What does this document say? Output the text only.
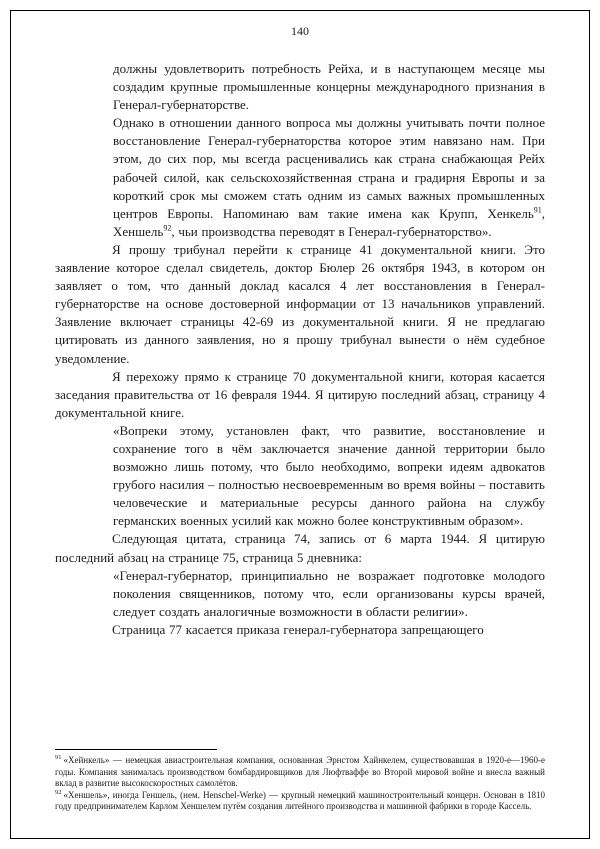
140

должны удовлетворить потребность Рейха, и в наступающем месяце мы создадим крупные промышленные концерны международного признания в Генерал-губернаторстве.

Однако в отношении данного вопроса мы должны учитывать почти полное восстановление Генерал-губернаторства которое этим навязано нам. При этом, до сих пор, мы всегда расценивались как страна снабжающая Рейх рабочей силой, как сельскохозяйственная страна и градирня Европы и за короткий срок мы сможем стать одним из самых важных промышленных центров Европы. Напоминаю вам такие имена как Крупп, Хенкель$^{91}$, Хеншель$^{92}$, чьи производства переводят в Генерал-губернаторство».

Я прошу трибунал перейти к странице 41 документальной книги. Это заявление которое сделал свидетель, доктор Бюлер 26 октября 1943, в котором он заявляет о том, что данный доклад касался 4 лет восстановления в Генерал-губернаторстве на основе достоверной информации от 13 начальников управлений. Заявление включает страницы 42-69 из документальной книги. Я не предлагаю цитировать из данного заявления, но я прошу трибунал вынести о нём судебное уведомление.

Я перехожу прямо к странице 70 документальной книги, которая касается заседания правительства от 16 февраля 1944. Я цитирую последний абзац, страницу 4 документальной книге.

«Вопреки этому, установлен факт, что развитие, восстановление и сохранение того в чём заключается значение данной территории было возможно лишь потому, что было необходимо, вопреки идеям адвокатов грубого насилия – полностью несвоевременным во время войны – поставить человеческие и материальные ресурсы данного района на службу германских военных усилий как можно более конструктивным образом».

Следующая цитата, страница 74, запись от 6 марта 1944. Я цитирую последний абзац на странице 75, страница 5 дневника:

«Генерал-губернатор, принципиально не возражает подготовке молодого поколения священников, потому что, если организованы курсы врачей, следует создать аналогичные возможности в области религии».

Страница 77 касается приказа генерал-губернатора запрещающего

$^{91}$ «Хейнкель» — немецкая авиастроительная компания, основанная Эрнстом Хайнкелем, существовавшая в 1920-е—1960-е годы. Компания занималась производством бомбардировщиков для Люфтваффе во Второй мировой войне и внесла важный вклад в развитие высокоскоростных самолётов.

$^{92}$ «Хеншель», иногда Геншель, (нем. Henschel-Werke) — крупный немецкий машиностроительный концерн. Основан в 1810 году предпринимателем Карлом Хеншелем путём создания литейного производства и машинной фабрики в городе Кассель.
